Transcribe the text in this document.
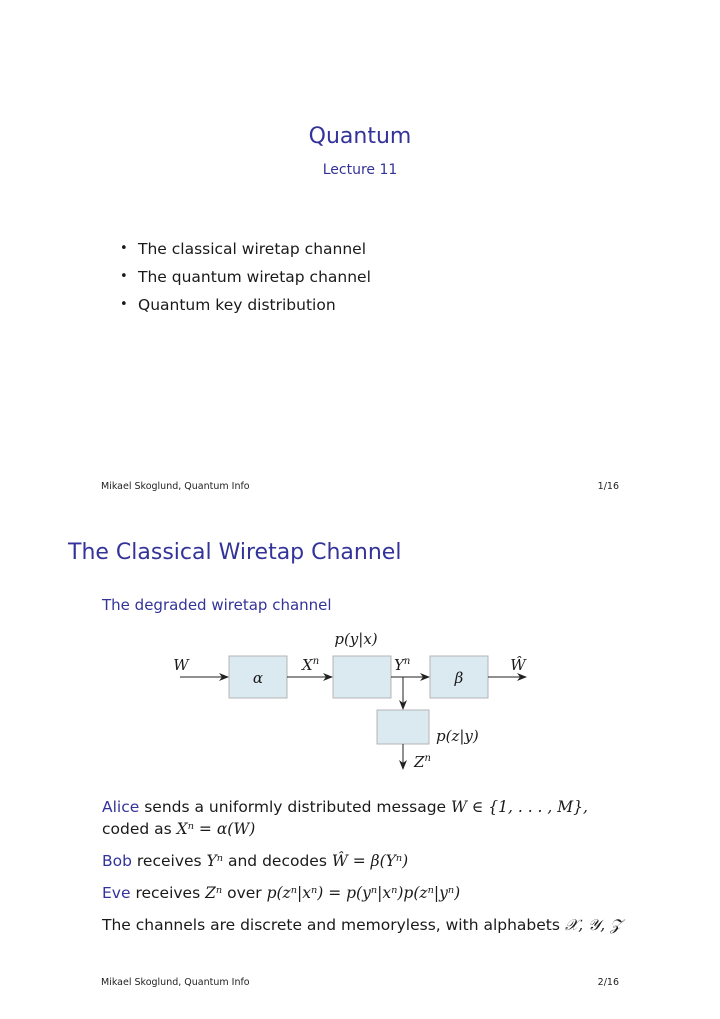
Quantum
Lecture 11
• The classical wiretap channel
• The quantum wiretap channel
• Quantum key distribution
Mikael Skoglund, Quantum Info	1/16
The Classical Wiretap Channel
The degraded wiretap channel
p(y|x)
W
α
$X^n$	$Y^n$
β
Ŵ
p(z|y)
$Z^n$
Alice sends a uniformly distributed message W ∈ {1, . . . , M},
coded as Xⁿ = α(W)
Bob receives Yⁿ and decodes Ŵ = β(Yⁿ)
Eve receives Zⁿ over p(zⁿ|xⁿ) = p(yⁿ|xⁿ)p(zⁿ|yⁿ)
The channels are discrete and memoryless, with alphabets 𝒳, 𝒴, 𝒵
Mikael Skoglund, Quantum Info	2/16
